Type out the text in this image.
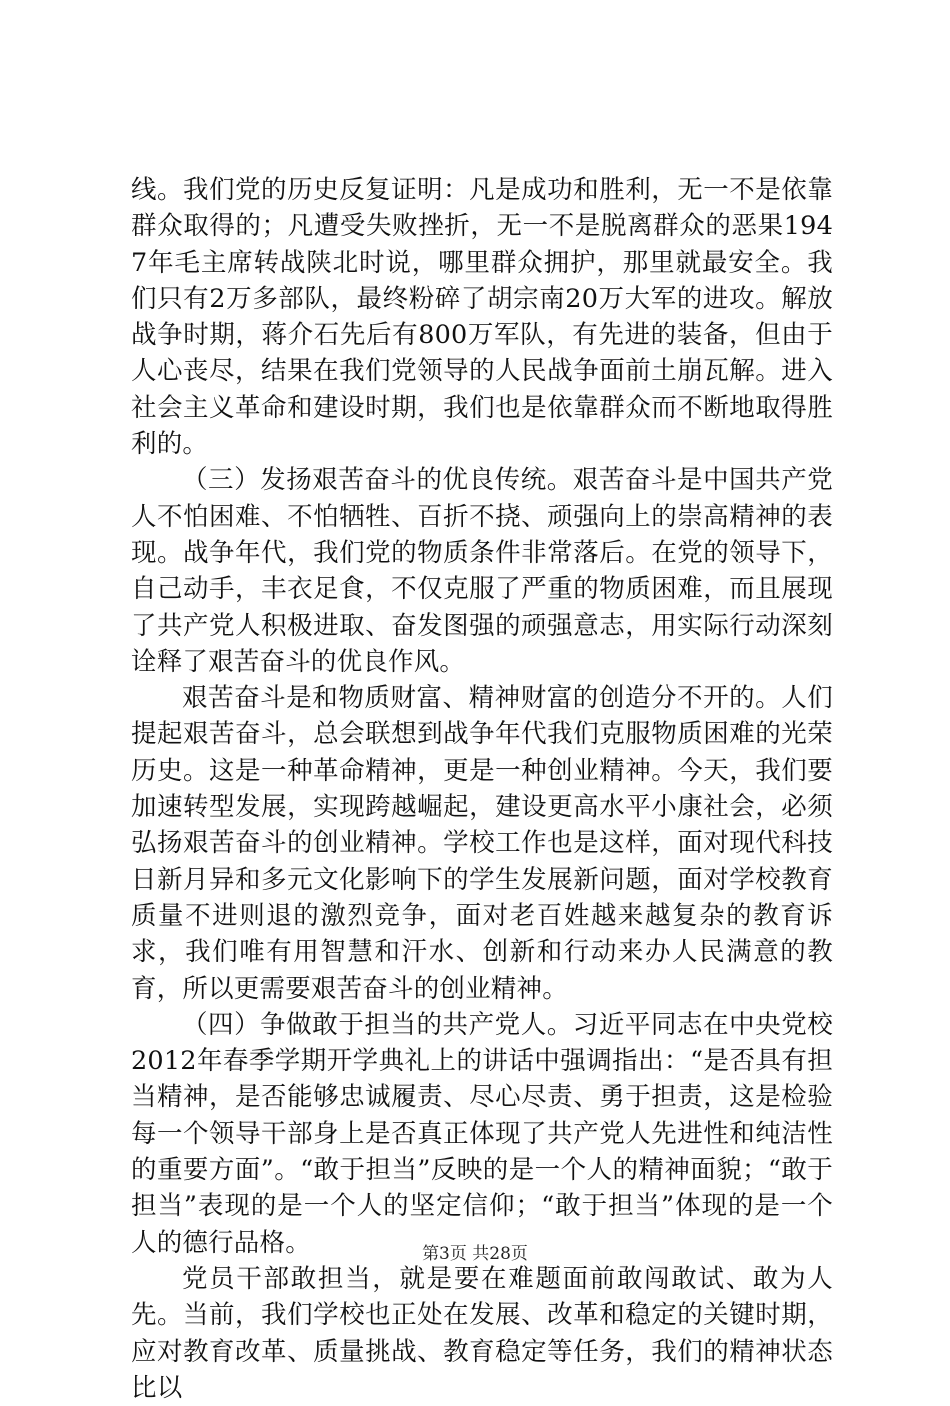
线。我们党的历史反复证明：凡是成功和胜利，无一不是依靠群众取得的；凡遭受失败挫折，无一不是脱离群众的恶果1947年毛主席转战陕北时说，哪里群众拥护，那里就最安全。我们只有2万多部队，最终粉碎了胡宗南20万大军的进攻。解放战争时期，蒋介石先后有800万军队，有先进的装备，但由于人心丧尽，结果在我们党领导的人民战争面前土崩瓦解。进入社会主义革命和建设时期，我们也是依靠群众而不断地取得胜利的。

（三）发扬艰苦奋斗的优良传统。艰苦奋斗是中国共产党人不怕困难、不怕牺牲、百折不挠、顽强向上的崇高精神的表现。战争年代，我们党的物质条件非常落后。在党的领导下，自己动手，丰衣足食，不仅克服了严重的物质困难，而且展现了共产党人积极进取、奋发图强的顽强意志，用实际行动深刻诠释了艰苦奋斗的优良作风。

艰苦奋斗是和物质财富、精神财富的创造分不开的。人们提起艰苦奋斗，总会联想到战争年代我们克服物质困难的光荣历史。这是一种革命精神，更是一种创业精神。今天，我们要加速转型发展，实现跨越崛起，建设更高水平小康社会，必须弘扬艰苦奋斗的创业精神。学校工作也是这样，面对现代科技日新月异和多元文化影响下的学生发展新问题，面对学校教育质量不进则退的激烈竞争，面对老百姓越来越复杂的教育诉求，我们唯有用智慧和汗水、创新和行动来办人民满意的教育，所以更需要艰苦奋斗的创业精神。

（四）争做敢于担当的共产党人。习近平同志在中央党校2012年春季学期开学典礼上的讲话中强调指出：“是否具有担当精神，是否能够忠诚履责、尽心尽责、勇于担责，这是检验每一个领导干部身上是否真正体现了共产党人先进性和纯洁性的重要方面”。“敢于担当”反映的是一个人的精神面貌；“敢于担当”表现的是一个人的坚定信仰；“敢于担当”体现的是一个人的德行品格。

党员干部敢担当，就是要在难题面前敢闯敢试、敢为人先。当前，我们学校也正处在发展、改革和稳定的关键时期，应对教育改革、质量挑战、教育稳定等任务，我们的精神状态比以

第3页 共28页
